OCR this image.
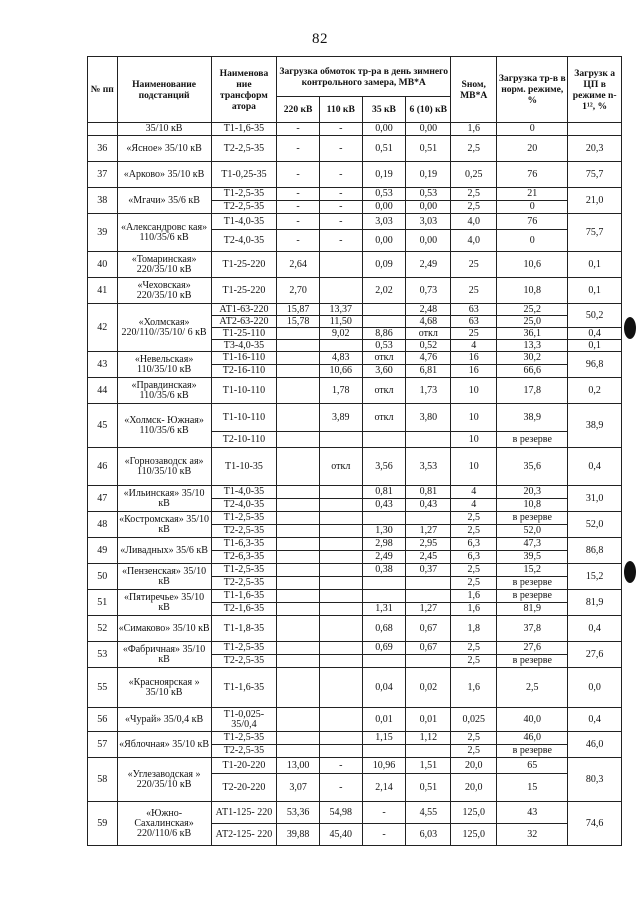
82
№ пп	Наименование подстанций	Наименова ние трансформ атора	Загрузка обмоток тр-ра в день зимнего контрольного замера, МВ*А				Sном, МВ*А	Загрузка тр-в в норм. режиме, %	Загрузк а ЦП в режиме n-1¹², %
			220 кВ	110 кВ	35 кВ	6 (10) кВ			
	35/10 кВ	Т1-1,6-35	-	-	0,00	0,00	1,6	0	
36	«Ясное» 35/10 кВ	Т2-2,5-35	-	-	0,51	0,51	2,5	20	20,3
37	«Арково» 35/10 кВ	Т1-0,25-35	-	-	0,19	0,19	0,25	76	75,7
38	«Мгачи» 35/6 кВ	Т1-2,5-35	-	-	0,53	0,53	2,5	21	21,0
		Т2-2,5-35	-	-	0,00	0,00	2,5	0	
39	«Александровс кая» 110/35/6 кВ	Т1-4,0-35	-	-	3,03	3,03	4,0	76	75,7
		Т2-4,0-35	-	-	0,00	0,00	4,0	0	
40	«Томаринская» 220/35/10 кВ	Т1-25-220	2,64		0,09	2,49	25	10,6	0,1
41	«Чеховская» 220/35/10 кВ	Т1-25-220	2,70		2,02	0,73	25	10,8	0,1
42	«Холмская» 220/110//35/10/ 6 кВ	АТ1-63-220	15,87	13,37		2,48	63	25,2	50,2
		АТ2-63-220	15,78	11,50		4,68	63	25,0	
		Т1-25-110		9,02	8,86	откл	25	36,1	0,4
		Т3-4,0-35			0,53	0,52	4	13,3	0,1
43	«Невельская» 110/35/10 кВ	Т1-16-110		4,83	откл	4,76	16	30,2	96,8
		Т2-16-110		10,66	3,60	6,81	16	66,6	
44	«Правдинская» 110/35/6 кВ	Т1-10-110		1,78	откл	1,73	10	17,8	0,2
45	«Холмск- Южная» 110/35/6 кВ	Т1-10-110		3,89	откл	3,80	10	38,9	38,9
		Т2-10-110					10	в резерве	
46	«Горнозаводск ая» 110/35/10 кВ	Т1-10-35		откл	3,56	3,53	10	35,6	0,4
47	«Ильинская» 35/10 кВ	Т1-4,0-35			0,81	0,81	4	20,3	31,0
		Т2-4,0-35			0,43	0,43	4	10,8	
48	«Костромская» 35/10 кВ	Т1-2,5-35					2,5	в резерве	52,0
		Т2-2,5-35			1,30	1,27	2,5	52,0	
49	«Ливадных» 35/6 кВ	Т1-6,3-35			2,98	2,95	6,3	47,3	86,8
		Т2-6,3-35			2,49	2,45	6,3	39,5	
50	«Пензенская» 35/10 кВ	Т1-2,5-35			0,38	0,37	2,5	15,2	15,2
		Т2-2,5-35					2,5	в резерве	
51	«Пятиречье» 35/10 кВ	Т1-1,6-35					1,6	в резерве	81,9
		Т2-1,6-35			1,31	1,27	1,6	81,9	
52	«Симаково» 35/10 кВ	Т1-1,8-35			0,68	0,67	1,8	37,8	0,4
53	«Фабричная» 35/10 кВ	Т1-2,5-35			0,69	0,67	2,5	27,6	27,6
		Т2-2,5-35					2,5	в резерве	
55	«Красноярская » 35/10 кВ	Т1-1,6-35			0,04	0,02	1,6	2,5	0,0
56	«Чурай» 35/0,4 кВ	Т1-0,025- 35/0,4			0,01	0,01	0,025	40,0	0,4
57	«Яблочная» 35/10 кВ	Т1-2,5-35			1,15	1,12	2,5	46,0	46,0
		Т2-2,5-35					2,5	в резерве	
58	«Углезаводская » 220/35/10 кВ	Т1-20-220	13,00	-	10,96	1,51	20,0	65	80,3
		Т2-20-220	3,07	-	2,14	0,51	20,0	15	
59	«Южно- Сахалинская» 220/110/6 кВ	АТ1-125- 220	53,36	54,98	-	4,55	125,0	43	74,6
		АТ2-125- 220	39,88	45,40	-	6,03	125,0	32	
